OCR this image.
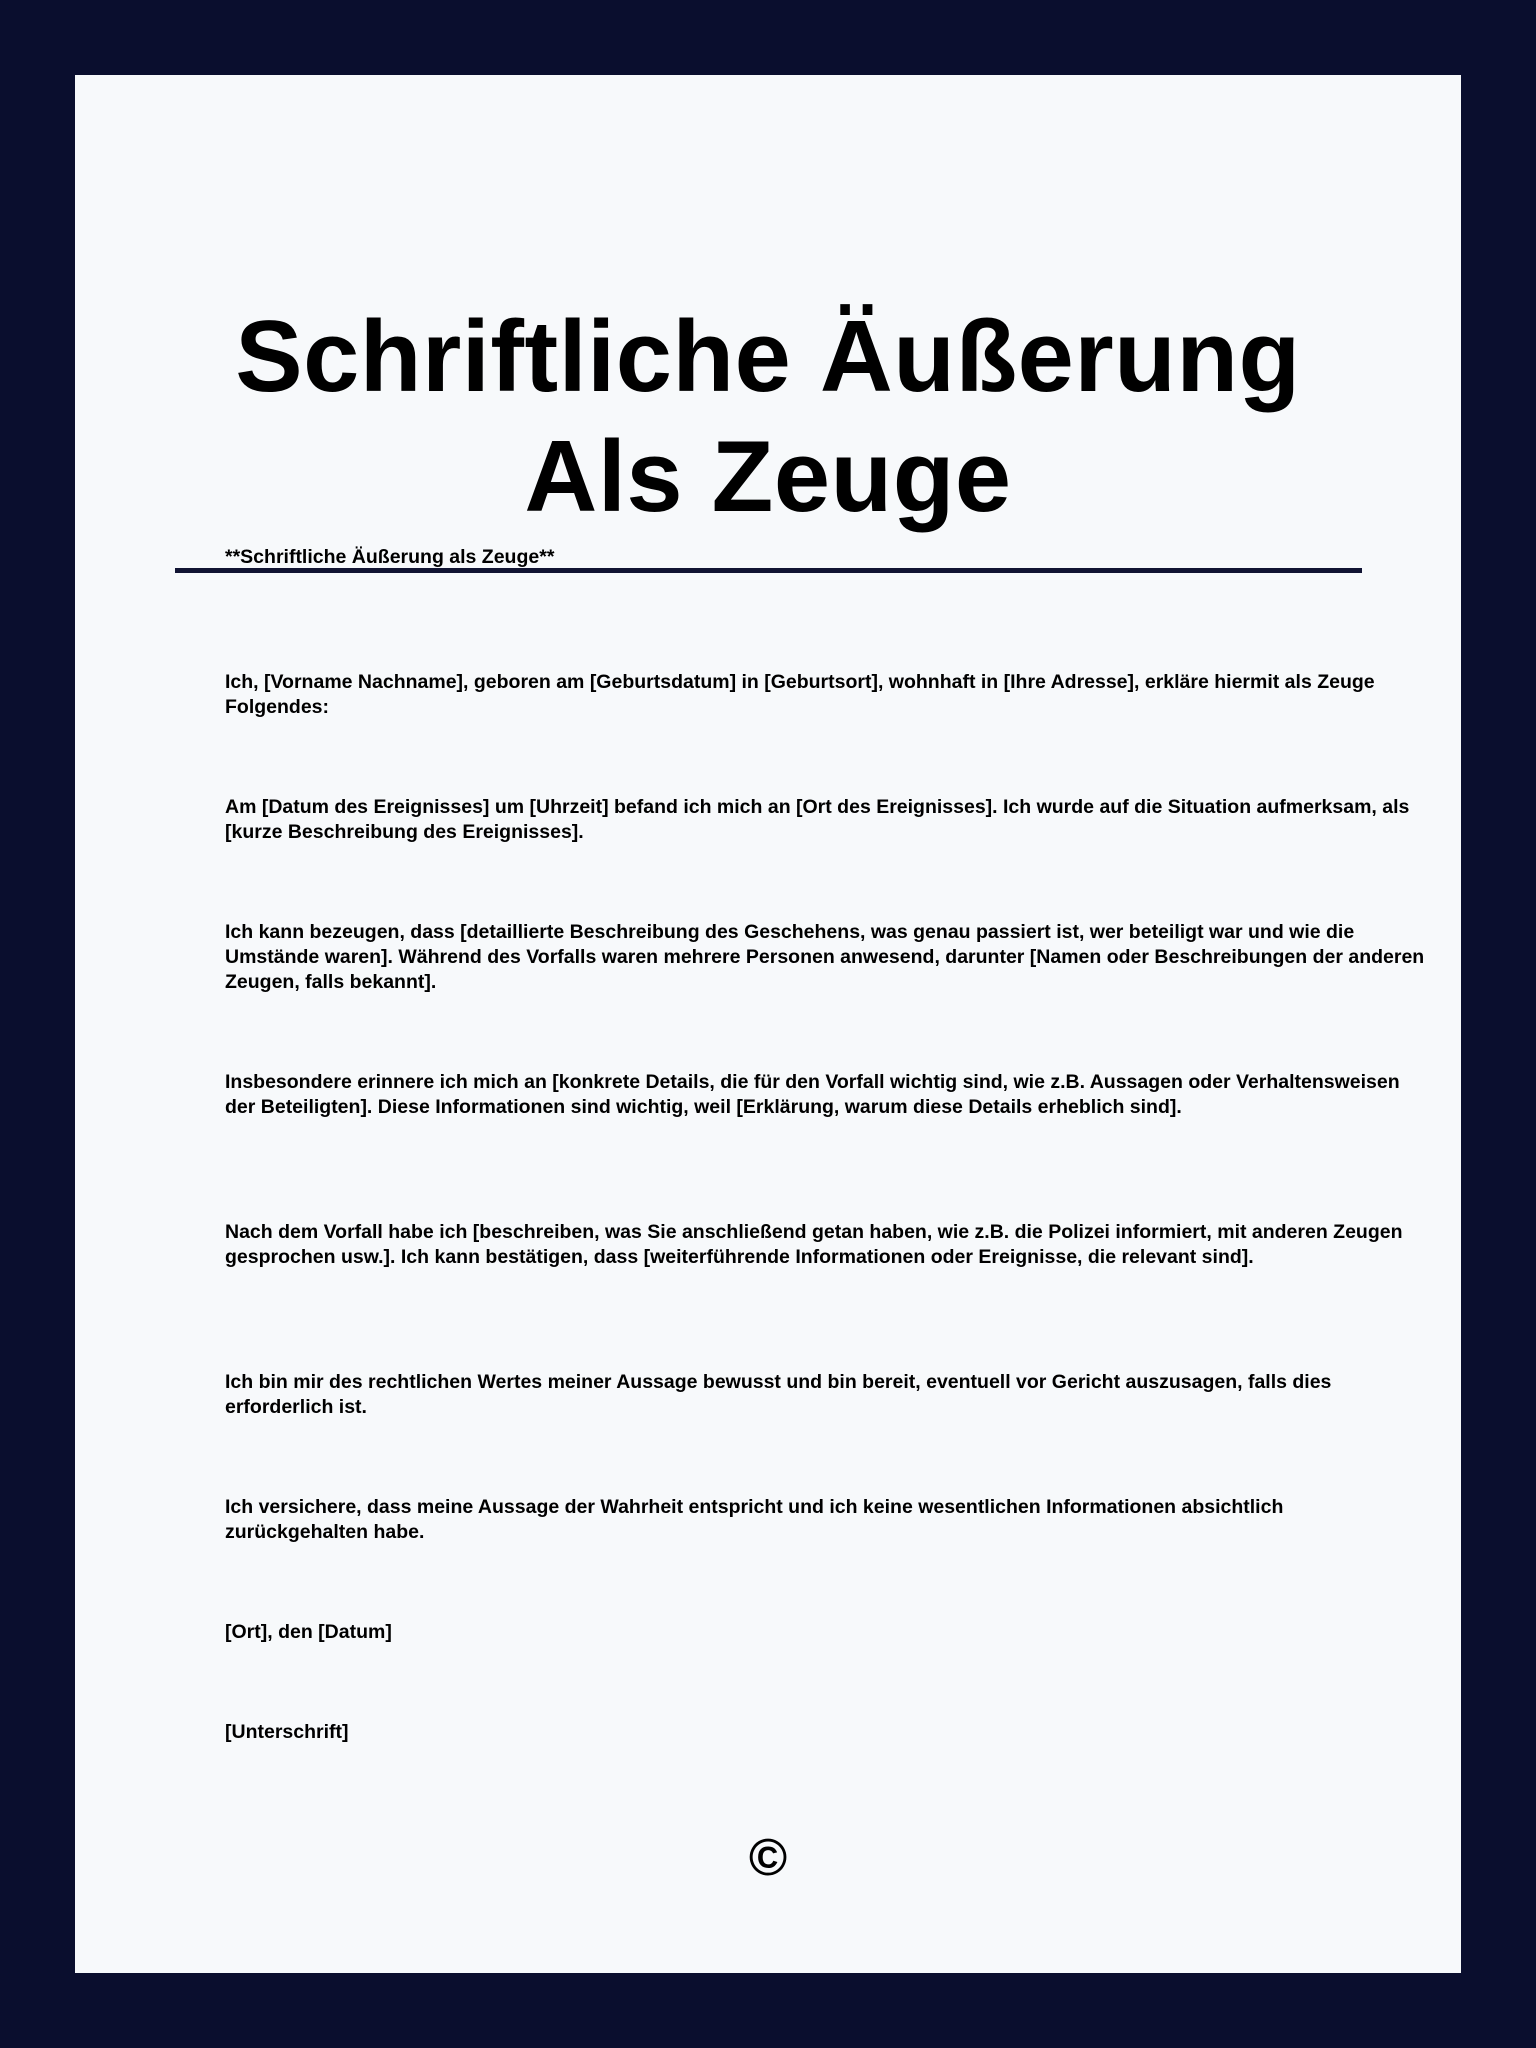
Schriftliche Äußerung
Als Zeuge

**Schriftliche Äußerung als Zeuge**

Ich, [Vorname Nachname], geboren am [Geburtsdatum] in [Geburtsort], wohnhaft in [Ihre Adresse], erkläre hiermit als Zeuge Folgendes:

Am [Datum des Ereignisses] um [Uhrzeit] befand ich mich an [Ort des Ereignisses]. Ich wurde auf die Situation aufmerksam, als [kurze Beschreibung des Ereignisses].

Ich kann bezeugen, dass [detaillierte Beschreibung des Geschehens, was genau passiert ist, wer beteiligt war und wie die Umstände waren]. Während des Vorfalls waren mehrere Personen anwesend, darunter [Namen oder Beschreibungen der anderen Zeugen, falls bekannt].

Insbesondere erinnere ich mich an [konkrete Details, die für den Vorfall wichtig sind, wie z.B. Aussagen oder Verhaltensweisen der Beteiligten]. Diese Informationen sind wichtig, weil [Erklärung, warum diese Details erheblich sind].

Nach dem Vorfall habe ich [beschreiben, was Sie anschließend getan haben, wie z.B. die Polizei informiert, mit anderen Zeugen gesprochen usw.]. Ich kann bestätigen, dass [weiterführende Informationen oder Ereignisse, die relevant sind].

Ich bin mir des rechtlichen Wertes meiner Aussage bewusst und bin bereit, eventuell vor Gericht auszusagen, falls dies erforderlich ist.

Ich versichere, dass meine Aussage der Wahrheit entspricht und ich keine wesentlichen Informationen absichtlich zurückgehalten habe.

[Ort], den [Datum]

[Unterschrift]

©
